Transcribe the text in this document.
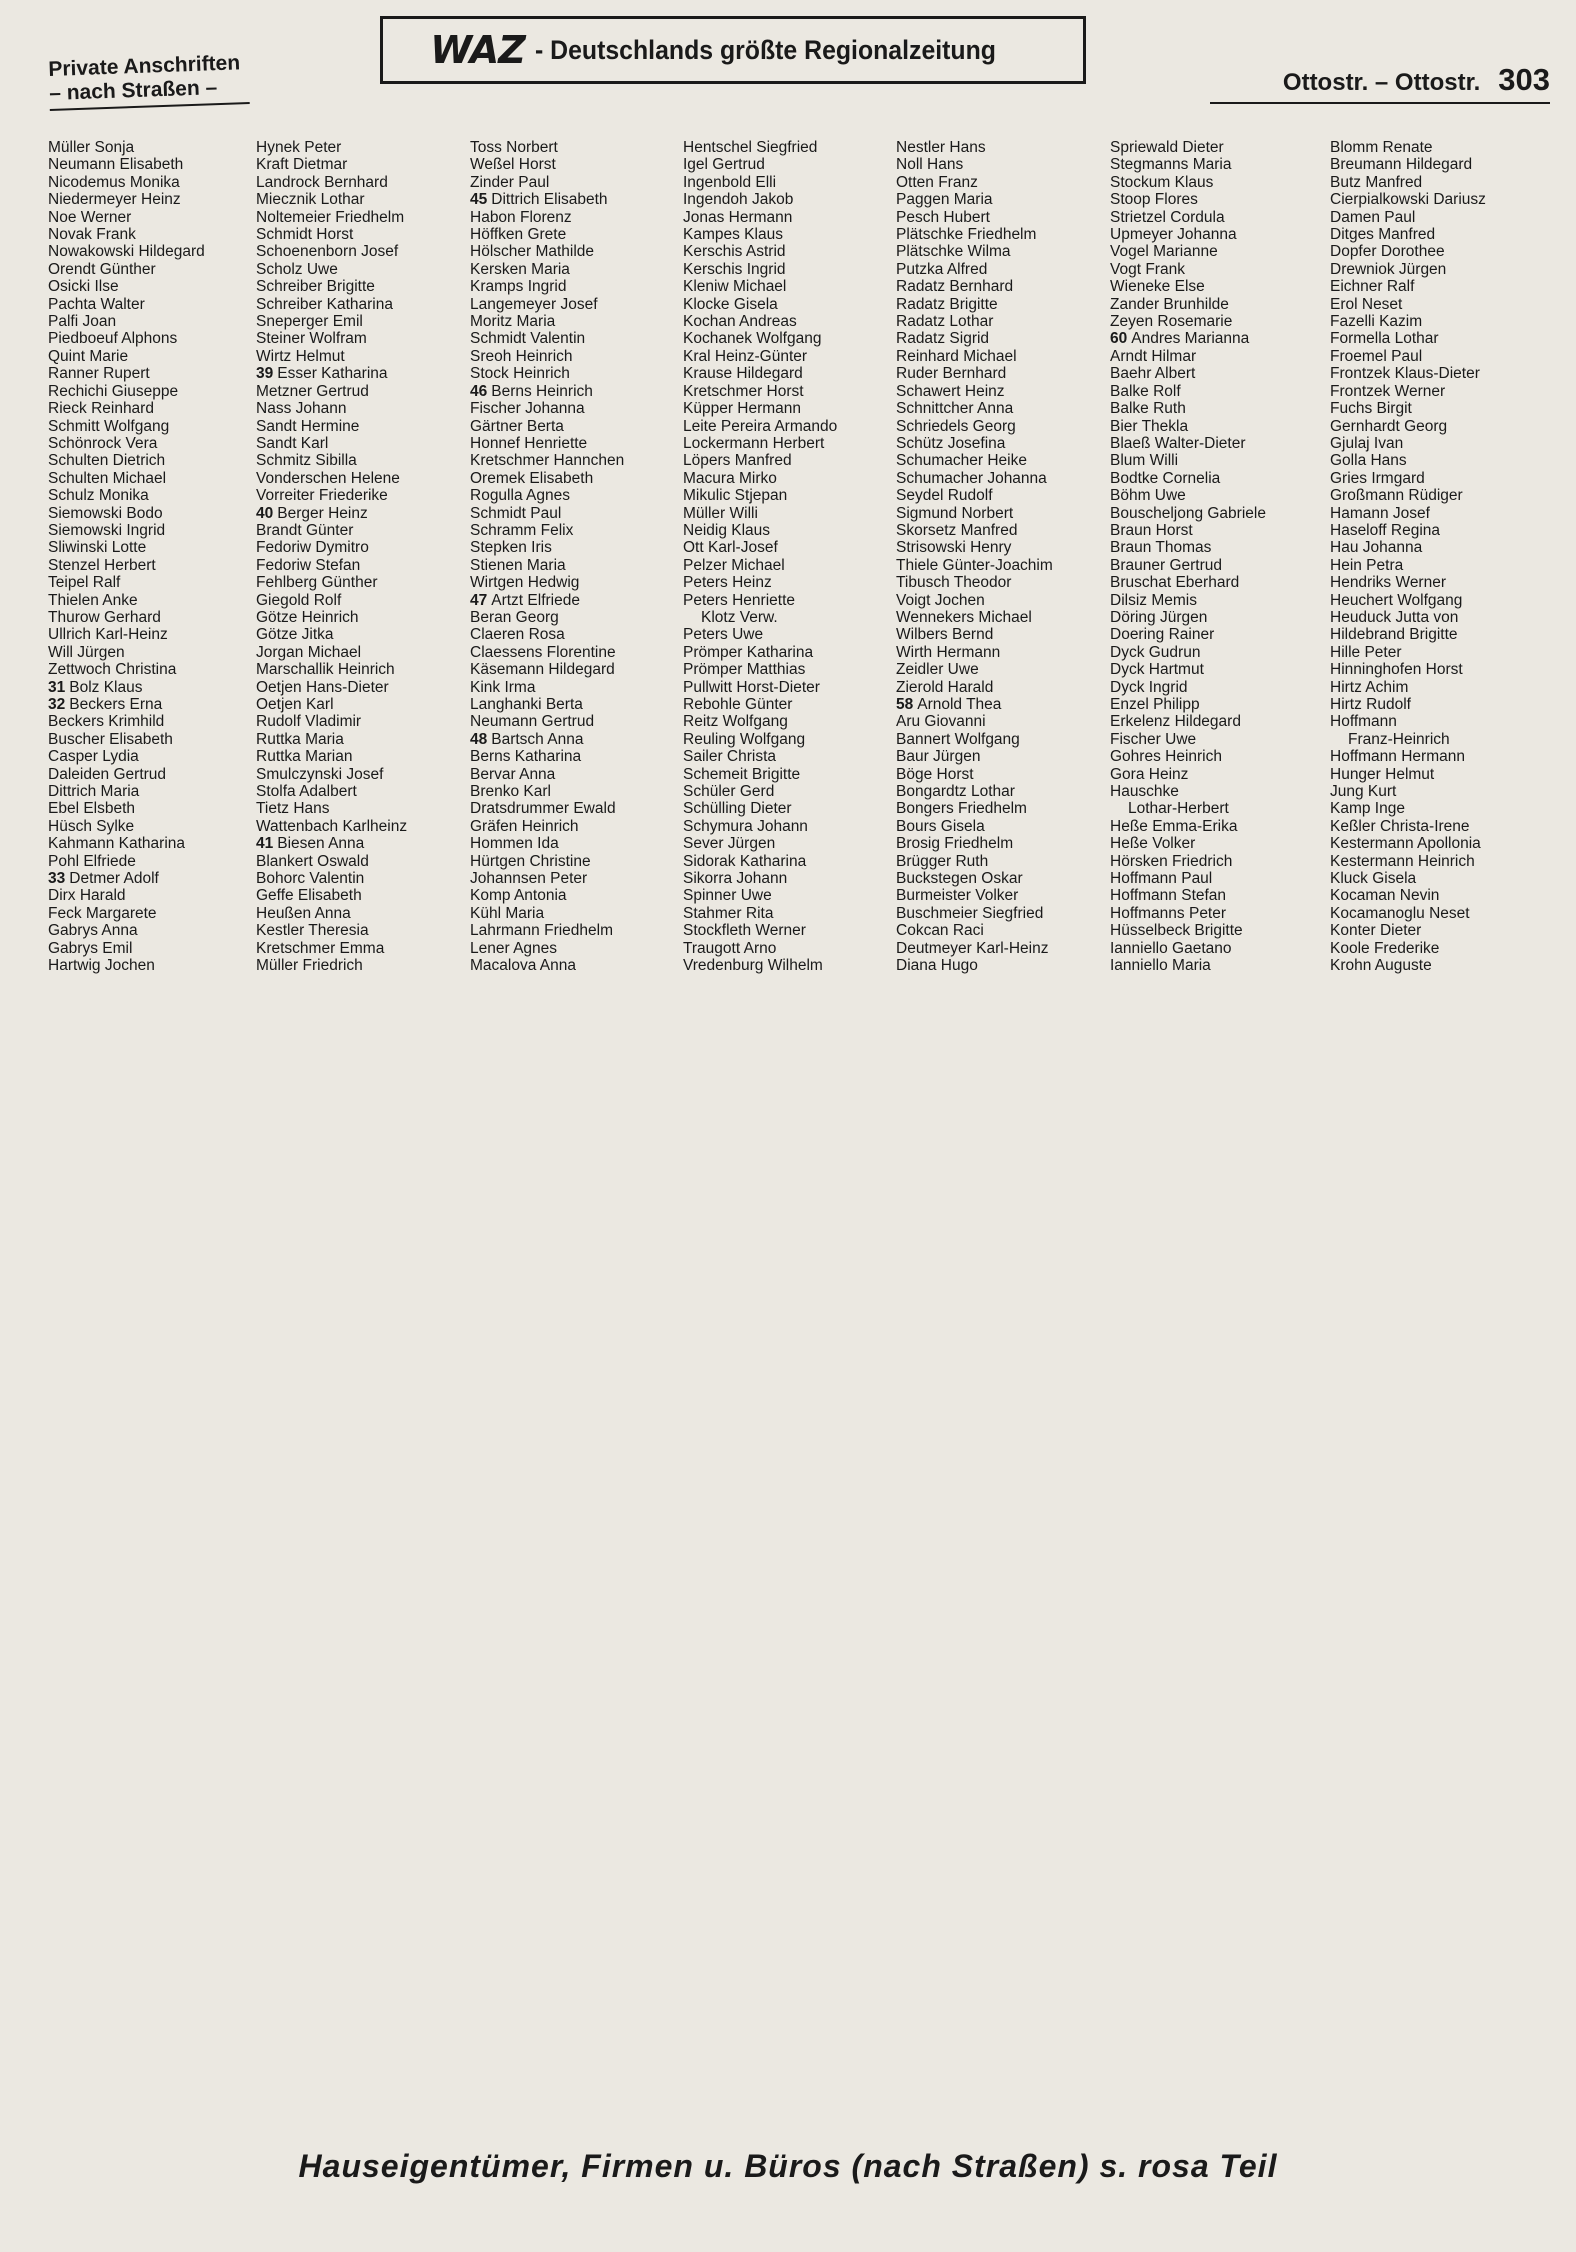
Private Anschriften
– nach Straßen –
WAZ - Deutschlands größte Regionalzeitung
Ottostr. – Ottostr. 303
Müller Sonja
Neumann Elisabeth
Nicodemus Monika
Niedermeyer Heinz
Noe Werner
Novak Frank
Nowakowski Hildegard
Orendt Günther
Osicki Ilse
Pachta Walter
Palfi Joan
Piedboeuf Alphons
Quint Marie
Ranner Rupert
Rechichi Giuseppe
Rieck Reinhard
Schmitt Wolfgang
Schönrock Vera
Schulten Dietrich
Schulten Michael
Schulz Monika
Siemowski Bodo
Siemowski Ingrid
Sliwinski Lotte
Stenzel Herbert
Teipel Ralf
Thielen Anke
Thurow Gerhard
Ullrich Karl-Heinz
Will Jürgen
Zettwoch Christina
31 Bolz Klaus
32 Beckers Erna
Beckers Krimhild
Buscher Elisabeth
Casper Lydia
Daleiden Gertrud
Dittrich Maria
Ebel Elsbeth
Hüsch Sylke
Kahmann Katharina
Pohl Elfriede
33 Detmer Adolf
Dirx Harald
Feck Margarete
Gabrys Anna
Gabrys Emil
Hartwig Jochen
Hynek Peter
Kraft Dietmar
Landrock Bernhard
Miecznik Lothar
Noltemeier Friedhelm
Schmidt Horst
Schoenenborn Josef
Scholz Uwe
Schreiber Brigitte
Schreiber Katharina
Sneperger Emil
Steiner Wolfram
Wirtz Helmut
39 Esser Katharina
Metzner Gertrud
Nass Johann
Sandt Hermine
Sandt Karl
Schmitz Sibilla
Vonderschen Helene
Vorreiter Friederike
40 Berger Heinz
Brandt Günter
Fedoriw Dymitro
Fedoriw Stefan
Fehlberg Günther
Giegold Rolf
Götze Heinrich
Götze Jitka
Jorgan Michael
Marschallik Heinrich
Oetjen Hans-Dieter
Oetjen Karl
Rudolf Vladimir
Ruttka Maria
Ruttka Marian
Smulczynski Josef
Stolfa Adalbert
Tietz Hans
Wattenbach Karlheinz
41 Biesen Anna
Blankert Oswald
Bohorc Valentin
Geffe Elisabeth
Heußen Anna
Kestler Theresia
Kretschmer Emma
Müller Friedrich
Toss Norbert
Weßel Horst
Zinder Paul
45 Dittrich Elisabeth
Habon Florenz
Höffken Grete
Hölscher Mathilde
Kersken Maria
Kramps Ingrid
Langemeyer Josef
Moritz Maria
Schmidt Valentin
Sreoh Heinrich
Stock Heinrich
46 Berns Heinrich
Fischer Johanna
Gärtner Berta
Honnef Henriette
Kretschmer Hannchen
Oremek Elisabeth
Rogulla Agnes
Schmidt Paul
Schramm Felix
Stepken Iris
Stienen Maria
Wirtgen Hedwig
47 Artzt Elfriede
Beran Georg
Claeren Rosa
Claessens Florentine
Käsemann Hildegard
Kink Irma
Langhanki Berta
Neumann Gertrud
48 Bartsch Anna
Berns Katharina
Bervar Anna
Brenko Karl
Dratsdrummer Ewald
Gräfen Heinrich
Hommen Ida
Hürtgen Christine
Johannsen Peter
Komp Antonia
Kühl Maria
Lahrmann Friedhelm
Lener Agnes
Macalova Anna
Hentschel Siegfried
Igel Gertrud
Ingenbold Elli
Ingendoh Jakob
Jonas Hermann
Kampes Klaus
Kerschis Astrid
Kerschis Ingrid
Kleniw Michael
Klocke Gisela
Kochan Andreas
Kochanek Wolfgang
Kral Heinz-Günter
Krause Hildegard
Kretschmer Horst
Küpper Hermann
Leite Pereira Armando
Lockermann Herbert
Löpers Manfred
Macura Mirko
Mikulic Stjepan
Müller Willi
Neidig Klaus
Ott Karl-Josef
Pelzer Michael
Peters Heinz
Peters Henriette
Klotz Verw.
Peters Uwe
Prömper Katharina
Prömper Matthias
Pullwitt Horst-Dieter
Rebohle Günter
Reitz Wolfgang
Reuling Wolfgang
Sailer Christa
Schemeit Brigitte
Schüler Gerd
Schülling Dieter
Schymura Johann
Sever Jürgen
Sidorak Katharina
Sikorra Johann
Spinner Uwe
Stahmer Rita
Stockfleth Werner
Traugott Arno
Vredenburg Wilhelm
Nestler Hans
Noll Hans
Otten Franz
Paggen Maria
Pesch Hubert
Plätschke Friedhelm
Plätschke Wilma
Putzka Alfred
Radatz Bernhard
Radatz Brigitte
Radatz Lothar
Radatz Sigrid
Reinhard Michael
Ruder Bernhard
Schawert Heinz
Schnittcher Anna
Schriedels Georg
Schütz Josefina
Schumacher Heike
Schumacher Johanna
Seydel Rudolf
Sigmund Norbert
Skorsetz Manfred
Strisowski Henry
Thiele Günter-Joachim
Tibusch Theodor
Voigt Jochen
Wennekers Michael
Wilbers Bernd
Wirth Hermann
Zeidler Uwe
Zierold Harald
58 Arnold Thea
Aru Giovanni
Bannert Wolfgang
Baur Jürgen
Böge Horst
Bongardtz Lothar
Bongers Friedhelm
Bours Gisela
Brosig Friedhelm
Brügger Ruth
Buckstegen Oskar
Burmeister Volker
Buschmeier Siegfried
Cokcan Raci
Deutmeyer Karl-Heinz
Diana Hugo
Spriewald Dieter
Stegmanns Maria
Stockum Klaus
Stoop Flores
Strietzel Cordula
Upmeyer Johanna
Vogel Marianne
Vogt Frank
Wieneke Else
Zander Brunhilde
Zeyen Rosemarie
60 Andres Marianna
Arndt Hilmar
Baehr Albert
Balke Rolf
Balke Ruth
Bier Thekla
Blaeß Walter-Dieter
Blum Willi
Bodtke Cornelia
Böhm Uwe
Bouscheljong Gabriele
Braun Horst
Braun Thomas
Brauner Gertrud
Bruschat Eberhard
Dilsiz Memis
Döring Jürgen
Doering Rainer
Dyck Gudrun
Dyck Hartmut
Dyck Ingrid
Enzel Philipp
Erkelenz Hildegard
Fischer Uwe
Gohres Heinrich
Gora Heinz
Hauschke
Lothar-Herbert
Heße Emma-Erika
Heße Volker
Hörsken Friedrich
Hoffmann Paul
Hoffmann Stefan
Hoffmanns Peter
Hüsselbeck Brigitte
Ianniello Gaetano
Ianniello Maria
Blomm Renate
Breumann Hildegard
Butz Manfred
Cierpialkowski Dariusz
Damen Paul
Ditges Manfred
Dopfer Dorothee
Drewniok Jürgen
Eichner Ralf
Erol Neset
Fazelli Kazim
Formella Lothar
Froemel Paul
Frontzek Klaus-Dieter
Frontzek Werner
Fuchs Birgit
Gernhardt Georg
Gjulaj Ivan
Golla Hans
Gries Irmgard
Großmann Rüdiger
Hamann Josef
Haseloff Regina
Hau Johanna
Hein Petra
Hendriks Werner
Heuchert Wolfgang
Heuduck Jutta von
Hildebrand Brigitte
Hille Peter
Hinninghofen Horst
Hirtz Achim
Hirtz Rudolf
Hoffmann
Franz-Heinrich
Hoffmann Hermann
Hunger Helmut
Jung Kurt
Kamp Inge
Keßler Christa-Irene
Kestermann Apollonia
Kestermann Heinrich
Kluck Gisela
Kocaman Nevin
Kocamanoglu Neset
Konter Dieter
Koole Frederike
Krohn Auguste
Hauseigentümer, Firmen u. Büros (nach Straßen) s. rosa Teil
